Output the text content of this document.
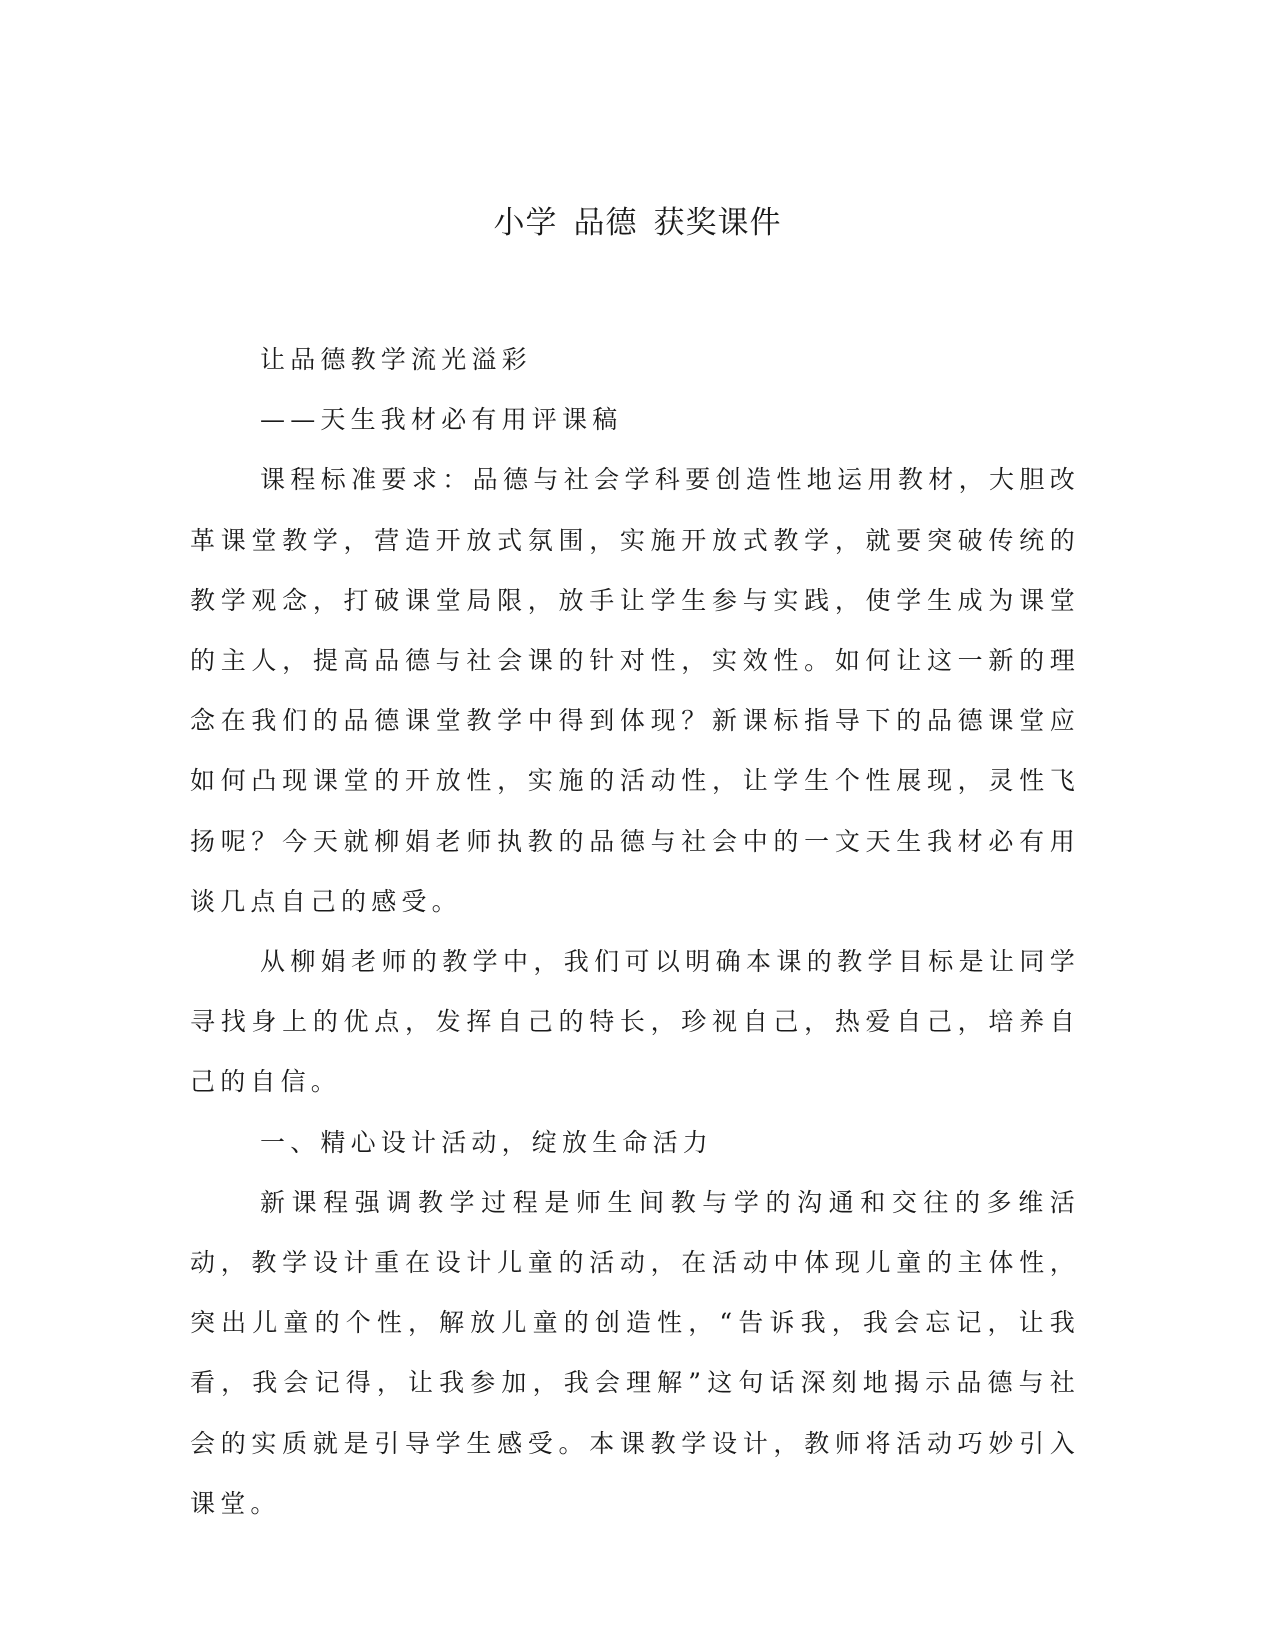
小学 品德 获奖课件

让品德教学流光溢彩

——天生我材必有用评课稿

课程标准要求：品德与社会学科要创造性地运用教材，大胆改革课堂教学，营造开放式氛围，实施开放式教学，就要突破传统的教学观念，打破课堂局限，放手让学生参与实践，使学生成为课堂的主人，提高品德与社会课的针对性，实效性。如何让这一新的理念在我们的品德课堂教学中得到体现？新课标指导下的品德课堂应如何凸现课堂的开放性，实施的活动性，让学生个性展现，灵性飞扬呢？今天就柳娟老师执教的品德与社会中的一文天生我材必有用谈几点自己的感受。

从柳娟老师的教学中，我们可以明确本课的教学目标是让同学寻找身上的优点，发挥自己的特长，珍视自己，热爱自己，培养自己的自信。

一、精心设计活动，绽放生命活力

新课程强调教学过程是师生间教与学的沟通和交往的多维活动，教学设计重在设计儿童的活动，在活动中体现儿童的主体性，突出儿童的个性，解放儿童的创造性，“告诉我，我会忘记，让我看，我会记得，让我参加，我会理解”这句话深刻地揭示品德与社会的实质就是引导学生感受。本课教学设计，教师将活动巧妙引入课堂。
